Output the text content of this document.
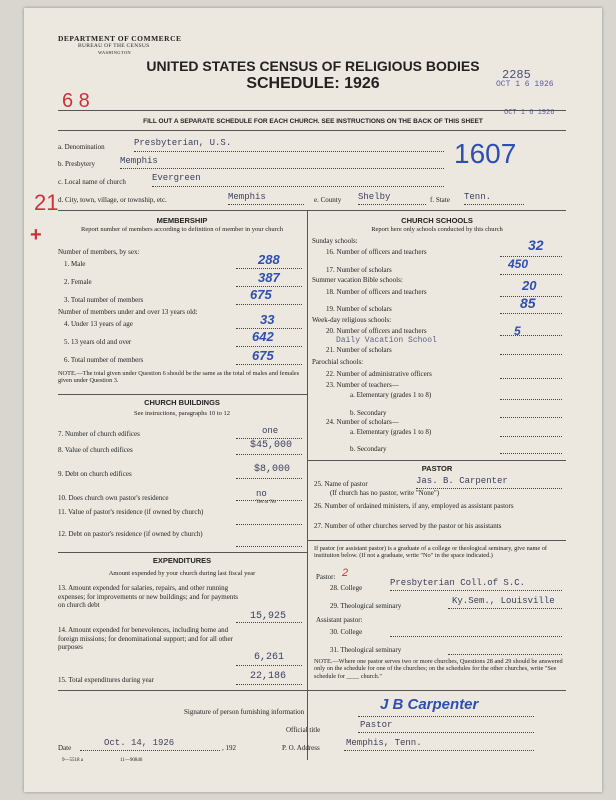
DEPARTMENT OF COMMERCE
BUREAU OF THE CENSUS
WASHINGTON
UNITED STATES CENSUS OF RELIGIOUS BODIES
SCHEDULE: 1926
6 8
2285
OCT 1 6 1926
OCT 1 6 1926
FILL OUT A SEPARATE SCHEDULE FOR EACH CHURCH. SEE INSTRUCTIONS ON THE BACK OF THIS SHEET
a. Denomination	Presbyterian, U.S.
b. Presbytery	Memphis
c. Local name of church	Evergreen
d. City, town, village, or township, etc.	Memphis	e. County Shelby	f. State Tenn.
1607
21
+
MEMBERSHIP
Report number of members according to definition of member in your church
Number of members, by sex:
1. Male	288
2. Female	387
3. Total number of members	675
Number of members under and over 13 years old:
4. Under 13 years of age	33
5. 13 years old and over	642
6. Total number of members	675
NOTE.—The total given under Question 6 should be the same as the total of males and females given under Question 3.
CHURCH BUILDINGS
See instructions, paragraphs 10 to 12
7. Number of church edifices	one
8. Value of church edifices	$45,000
9. Debt on church edifices	$8,000
10. Does church own pastor's residence	no
Yes or No
11. Value of pastor's residence (if owned by church)
12. Debt on pastor's residence (if owned by church)
EXPENDITURES
Amount expended by your church during last fiscal year
13. Amount expended for salaries, repairs, and other running expenses; for improvements or new buildings; and for payments on church debt
15,925
14. Amount expended for benevolences, including home and foreign missions; for denominational support; and for all other purposes
6,261
15. Total expenditures during year	22,186
CHURCH SCHOOLS
Report here only schools conducted by this church
Sunday schools:
16. Number of officers and teachers	32
17. Number of scholars	450
Summer vacation Bible schools:
18. Number of officers and teachers	20
19. Number of scholars	85
Week-day religious schools:
20. Number of officers and teachers
Daily Vacation School
5
21. Number of scholars
Parochial schools:
22. Number of administrative officers
23. Number of teachers—
a. Elementary (grades 1 to 8)
b. Secondary
24. Number of scholars—
a. Elementary (grades 1 to 8)
b. Secondary
PASTOR
25. Name of pastor	Jas. B. Carpenter
(If church has no pastor, write "None")
26. Number of ordained ministers, if any, employed as assistant pastors
27. Number of other churches served by the pastor or his assistants
If pastor (or assistant pastor) is a graduate of a college or theological seminary, give name of institution below. (If not a graduate, write "No" in the space indicated.)
Pastor: 2
28. College	Presbyterian Coll.of S.C.
29. Theological seminary	Ky.Sem., Louisville
Assistant pastor:
30. College
31. Theological seminary
NOTE.—Where one pastor serves two or more churches, Questions 28 and 29 should be answered only on the schedule for one of the churches; on the schedules for the other churches, write "See schedule for ____ church."
Signature of person furnishing information	J B Carpenter
Official title	Pastor
Date	Oct. 14, 1926	, 192	P. O. Address	Memphis, Tenn.
9—5518 a	11—90846
